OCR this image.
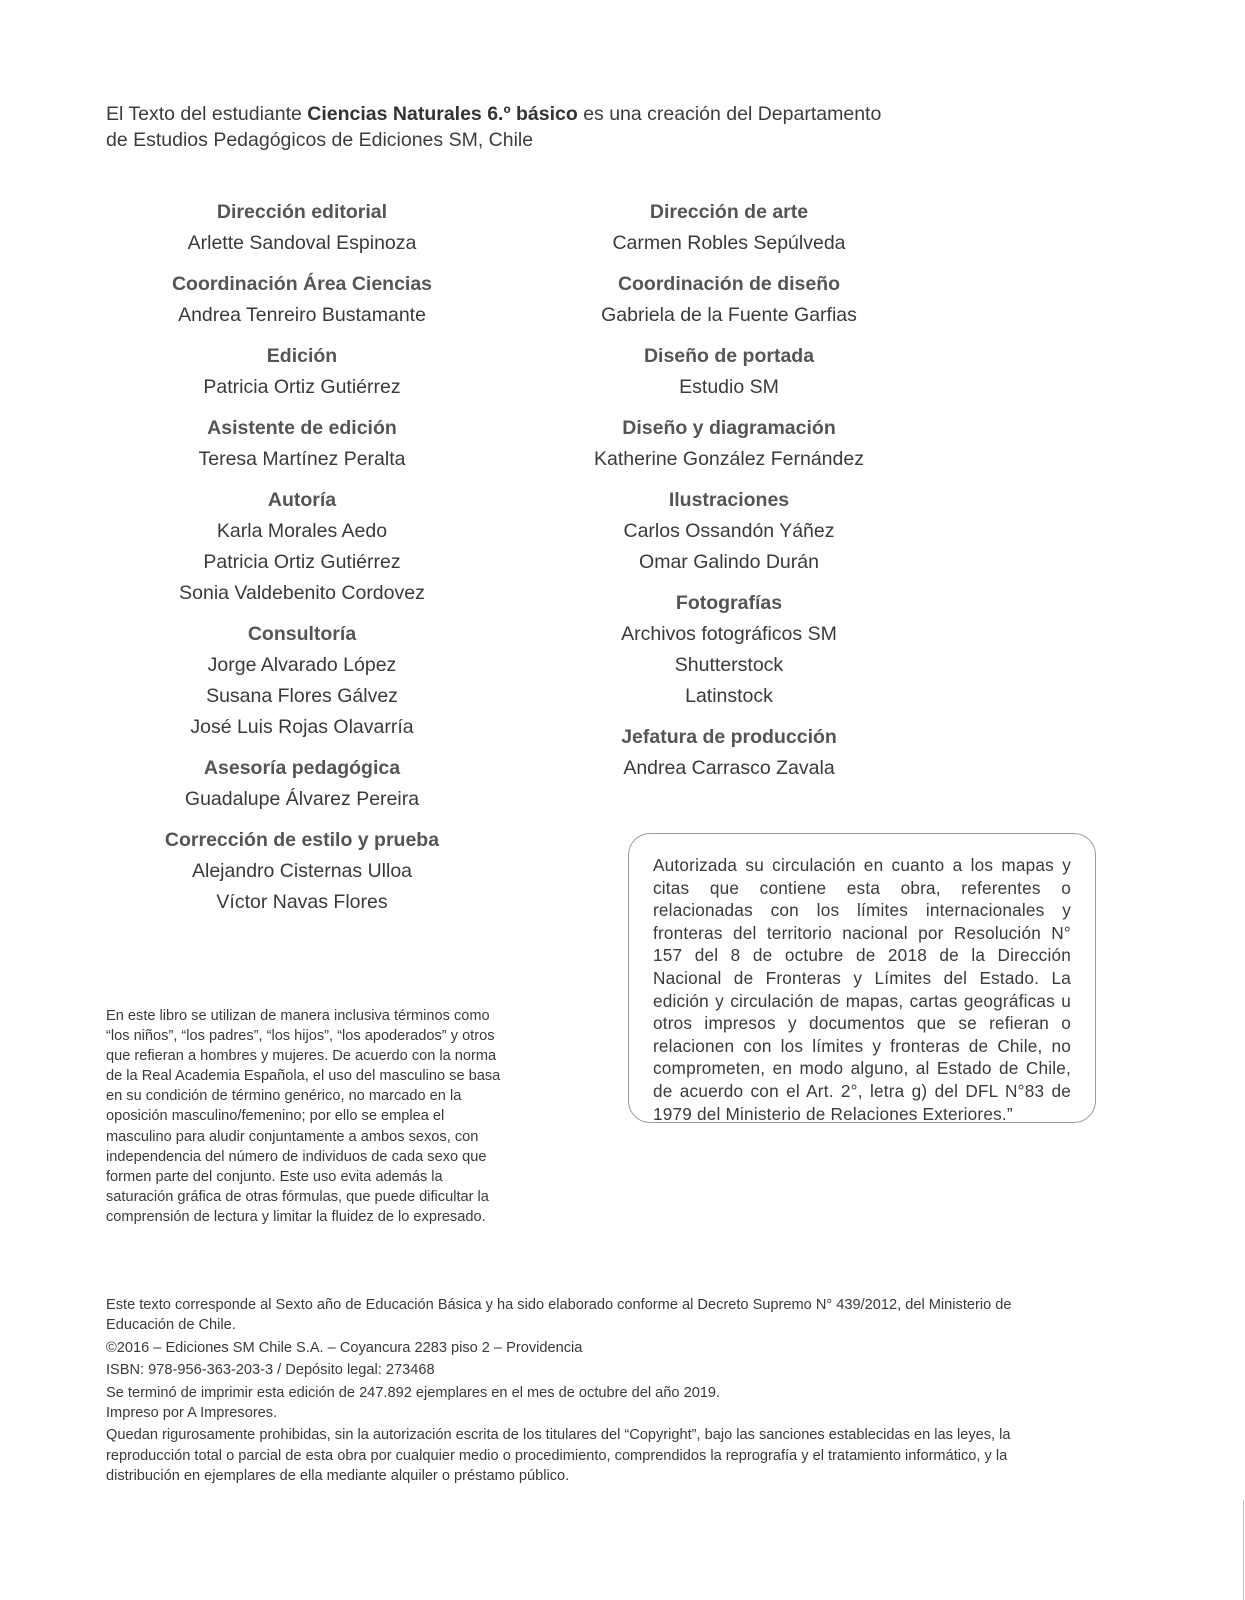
El Texto del estudiante Ciencias Naturales 6.º básico es una creación del Departamento de Estudios Pedagógicos de Ediciones SM, Chile
Dirección editorial
Arlette Sandoval Espinoza
Coordinación Área Ciencias
Andrea Tenreiro Bustamante
Edición
Patricia Ortiz Gutiérrez
Asistente de edición
Teresa Martínez Peralta
Autoría
Karla Morales Aedo
Patricia Ortiz Gutiérrez
Sonia Valdebenito Cordovez
Consultoría
Jorge Alvarado López
Susana Flores Gálvez
José Luis Rojas Olavarría
Asesoría pedagógica
Guadalupe Álvarez Pereira
Corrección de estilo y prueba
Alejandro Cisternas Ulloa
Víctor Navas Flores
Dirección de arte
Carmen Robles Sepúlveda
Coordinación de diseño
Gabriela de la Fuente Garfias
Diseño de portada
Estudio SM
Diseño y diagramación
Katherine González Fernández
Ilustraciones
Carlos Ossandón Yáñez
Omar Galindo Durán
Fotografías
Archivos fotográficos SM
Shutterstock
Latinstock
Jefatura de producción
Andrea Carrasco Zavala

Autorizada su circulación en cuanto a los mapas y citas que contiene esta obra, referentes o relacionadas con los límites internacionales y fronteras del territorio nacional por Resolución N° 157 del 8 de octubre de 2018 de la Dirección Nacional de Fronteras y Límites del Estado. La edición y circulación de mapas, cartas geográficas u otros impresos y documentos que se refieran o relacionen con los límites y fronteras de Chile, no comprometen, en modo alguno, al Estado de Chile, de acuerdo con el Art. 2°, letra g) del DFL N°83 de 1979 del Ministerio de Relaciones Exteriores.”

En este libro se utilizan de manera inclusiva términos como “los niños”, “los padres”, “los hijos”, “los apoderados” y otros que refieran a hombres y mujeres. De acuerdo con la norma de la Real Academia Española, el uso del masculino se basa en su condición de término genérico, no marcado en la oposición masculino/femenino; por ello se emplea el masculino para aludir conjuntamente a ambos sexos, con independencia del número de individuos de cada sexo que formen parte del conjunto. Este uso evita además la saturación gráfica de otras fórmulas, que puede dificultar la comprensión de lectura y limitar la fluidez de lo expresado.

Este texto corresponde al Sexto año de Educación Básica y ha sido elaborado conforme al Decreto Supremo N° 439/2012, del Ministerio de Educación de Chile.

©2016 – Ediciones SM Chile S.A. – Coyancura 2283 piso 2 – Providencia

ISBN: 978-956-363-203-3 / Depósito legal: 273468

Se terminó de imprimir esta edición de 247.892 ejemplares en el mes de octubre del año 2019.

Impreso por A Impresores.

Quedan rigurosamente prohibidas, sin la autorización escrita de los titulares del “Copyright”, bajo las sanciones establecidas en las leyes, la reproducción total o parcial de esta obra por cualquier medio o procedimiento, comprendidos la reprografía y el tratamiento informático, y la distribución en ejemplares de ella mediante alquiler o préstamo público.
